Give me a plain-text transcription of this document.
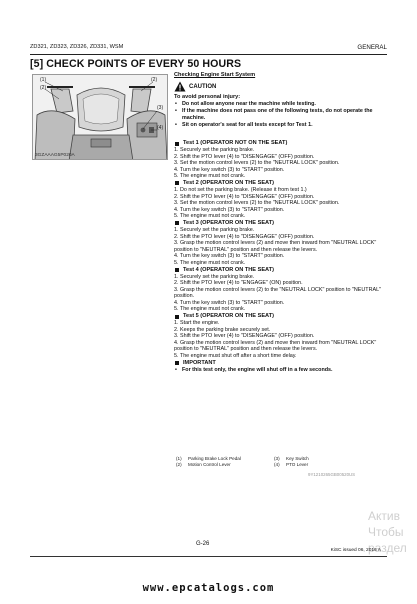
ZD321, ZD323, ZD326, ZD331, WSM	GENERAL
[5] CHECK POINTS OF EVERY 50 HOURS
(1)
(2)
(2)
(3)
(4)
3GZAAAG5P020A
Checking Engine Start System
CAUTION
To avoid personal injury:
• Do not allow anyone near the machine while testing.
• If the machine does not pass one of the following tests, do not operate the machine.
• Sit on operator's seat for all tests except for Test 1.
Test 1 (OPERATOR NOT ON THE SEAT)
1. Securely set the parking brake.
2. Shift the PTO lever (4) to "DISENGAGE" (OFF) position.
3. Set the motion control levers (2) to the "NEUTRAL LOCK" position.
4. Turn the key switch (3) to "START" position.
5. The engine must not crank.
Test 2 (OPERATOR ON THE SEAT)
1. Do not set the parking brake. (Release it from test 1.)
2. Shift the PTO lever (4) to "DISENGAGE" (OFF) position.
3. Set the motion control levers (2) to the "NEUTRAL LOCK" position.
4. Turn the key switch (3) to "START" position.
5. The engine must not crank.
Test 3 (OPERATOR ON THE SEAT)
1. Securely set the parking brake.
2. Shift the PTO lever (4) to "DISENGAGE" (OFF) position.
3. Grasp the motion control levers (2) and move then inward from "NEUTRAL LOCK" position to "NEUTRAL" position and then release the levers.
4. Turn the key switch (3) to "START" position.
5. The engine must not crank.
Test 4 (OPERATOR ON THE SEAT)
1. Securely set the parking brake.
2. Shift the PTO lever (4) to "ENGAGE" (ON) position.
3. Grasp the motion control levers (2) to the "NEUTRAL LOCK" position to "NEUTRAL" position.
4. Turn the key switch (3) to "START" position.
5. The engine must not crank.
Test 5 (OPERATOR ON THE SEAT)
1. Start the engine.
2. Keeps the parking brake securely set.
3. Shift the PTO lever (4) to "DISENGAGE" (OFF) position.
4. Grasp the motion control levers (2) and move then inward from "NEUTRAL LOCK" position to "NEUTRAL" position and then release the levers.
5. The engine must shut off after a short time delay.
IMPORTANT
• For this test only, the engine will shut off in a few seconds.
(1)	Parking Brake Lock Pedal	(3)	Key Switch
(2)	Motion Control Lever	(4)	PTO Lever
9Y1210265GB00520US
Актив
Чтобы
раздел
G-26
KiSC issued 06, 2016 A
www.epcatalogs.com
